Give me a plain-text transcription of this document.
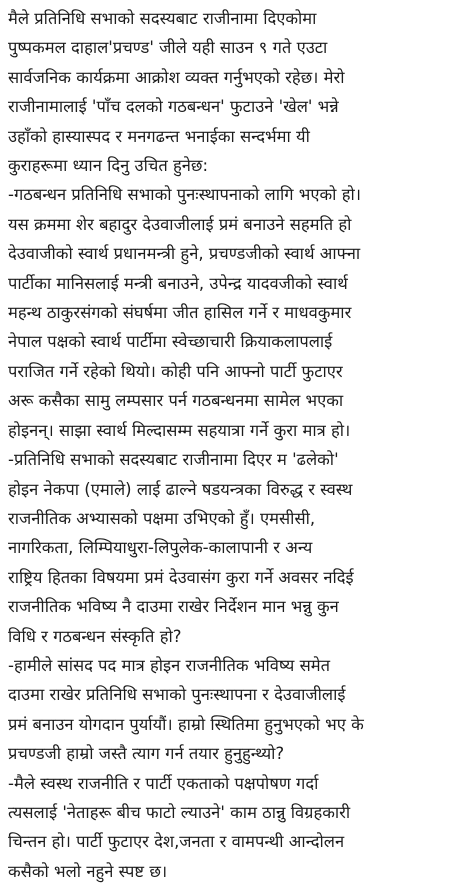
मैले प्रतिनिधि सभाको सदस्यबाट राजीनामा दिएकोमा
पुष्पकमल दाहाल'प्रचण्ड' जीले यही साउन ९ गते एउटा
सार्वजनिक कार्यक्रमा आक्रोश व्यक्त गर्नुभएको रहेछ। मेरो
राजीनामालाई 'पाँच दलको गठबन्धन' फुटाउने 'खेल' भन्ने
उहाँको हास्यास्पद र मनगढन्त भनाईका सन्दर्भमा यी
कुराहरूमा ध्यान दिनु उचित हुनेछ:
-गठबन्धन प्रतिनिधि सभाको पुनःस्थापनाको लागि भएको हो।
यस क्रममा शेर बहादुर देउवाजीलाई प्रमं बनाउने सहमति हो
देउवाजीको स्वार्थ प्रधानमन्त्री हुने, प्रचण्डजीको स्वार्थ आफ्ना
पार्टीका मानिसलाई मन्त्री बनाउने, उपेन्द्र यादवजीको स्वार्थ
महन्थ ठाकुरसंगको संघर्षमा जीत हासिल गर्ने र माधवकुमार
नेपाल पक्षको स्वार्थ पार्टीमा स्वेच्छाचारी क्रियाकलापलाई
पराजित गर्ने रहेको थियो। कोही पनि आफ्नो पार्टी फुटाएर
अरू कसैका सामु लम्पसार पर्न गठबन्धनमा सामेल भएका
होइनन्। साझा स्वार्थ मिल्दासम्म सहयात्रा गर्ने कुरा मात्र हो।
-प्रतिनिधि सभाको सदस्यबाट राजीनामा दिएर म 'ढलेको'
होइन नेकपा (एमाले) लाई ढाल्ने षडयन्त्रका विरुद्ध र स्वस्थ
राजनीतिक अभ्यासको पक्षमा उभिएको हुँ। एमसीसी,
नागरिकता, लिम्पियाधुरा-लिपुलेक-कालापानी र अन्य
राष्ट्रिय हितका विषयमा प्रमं देउवासंग कुरा गर्ने अवसर नदिई
राजनीतिक भविष्य नै दाउमा राखेर निर्देशन मान भन्नु कुन
विधि र गठबन्धन संस्कृति हो?
-हामीले सांसद पद मात्र होइन राजनीतिक भविष्य समेत
दाउमा राखेर प्रतिनिधि सभाको पुनःस्थापना र देउवाजीलाई
प्रमं बनाउन योगदान पुर्यायौं। हाम्रो स्थितिमा हुनुभएको भए के
प्रचण्डजी हाम्रो जस्तै त्याग गर्न तयार हुनुहुन्थ्यो?
-मैले स्वस्थ राजनीति र पार्टी एकताको पक्षपोषण गर्दा
त्यसलाई 'नेताहरू बीच फाटो ल्याउने' काम ठान्नु विग्रहकारी
चिन्तन हो। पार्टी फुटाएर देश,जनता र वामपन्थी आन्दोलन
कसैको भलो नहुने स्पष्ट छ।
